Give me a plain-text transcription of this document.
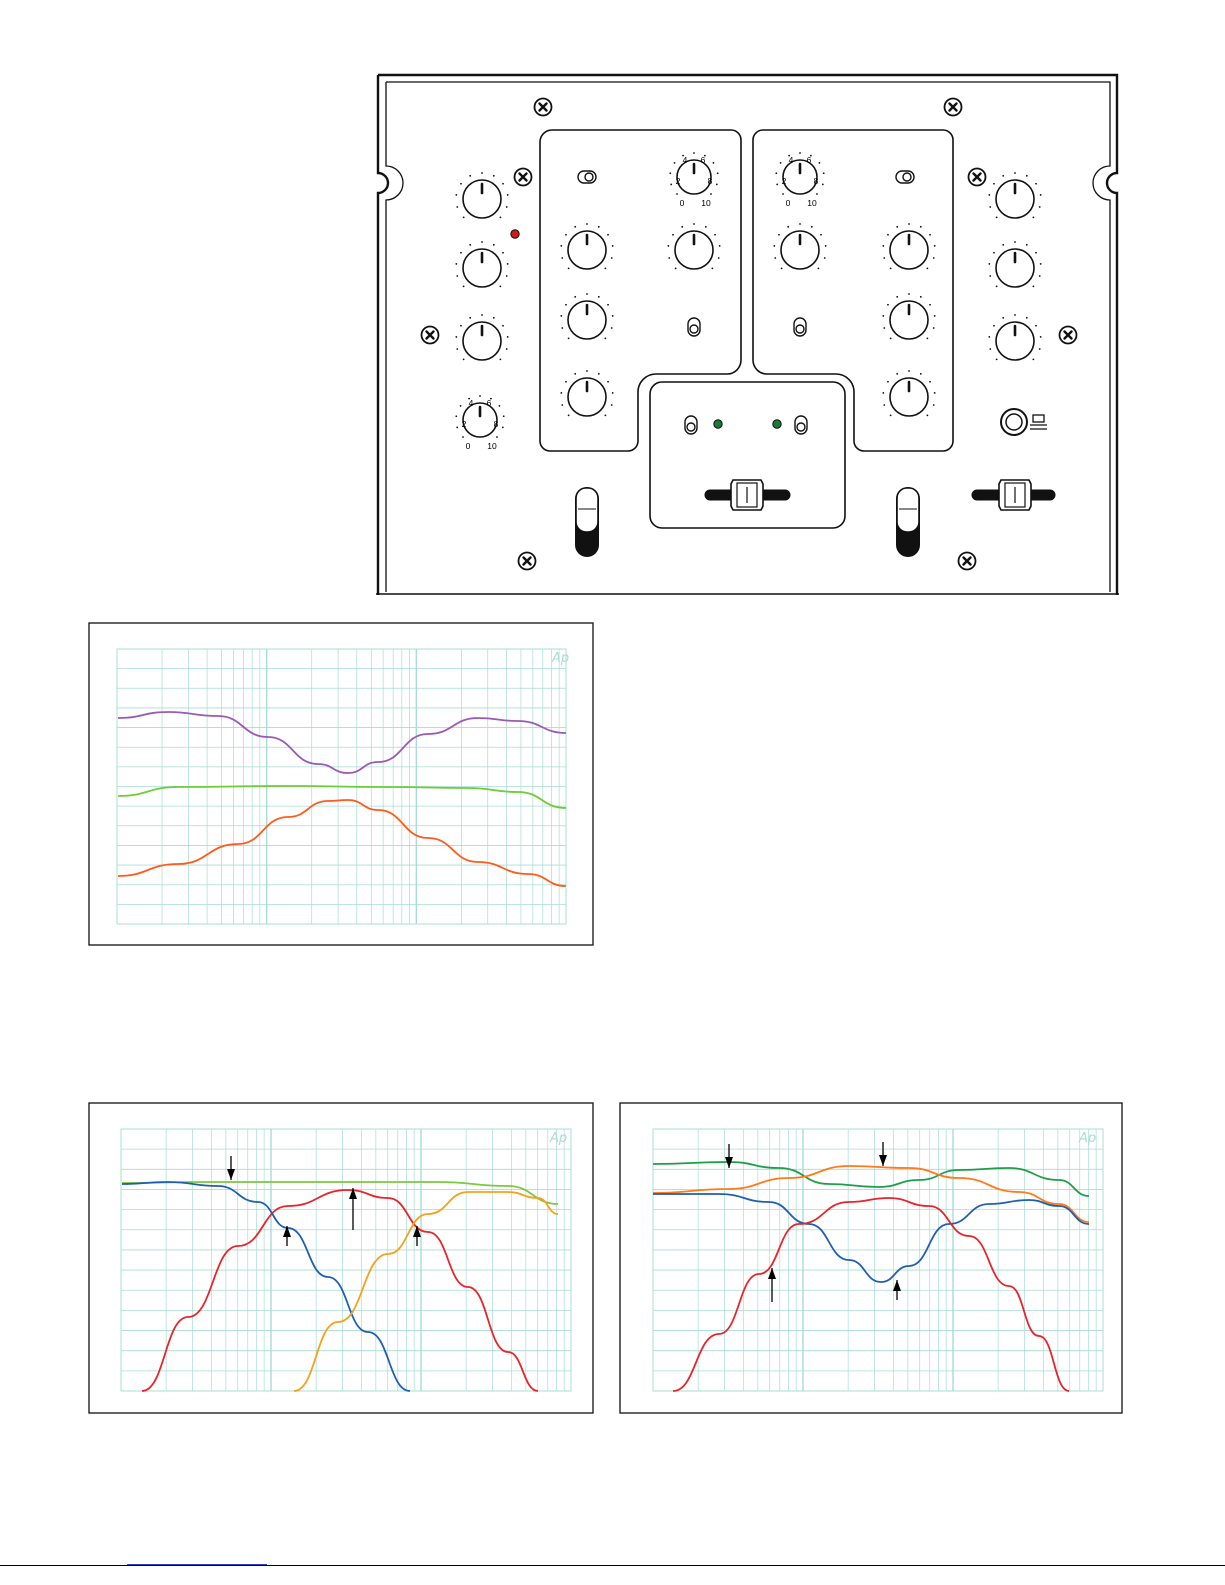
0
2
4 6
8
10
0
2
4 6
8
10	0
2
4 6
8
10
Ap
Ap	Ap
